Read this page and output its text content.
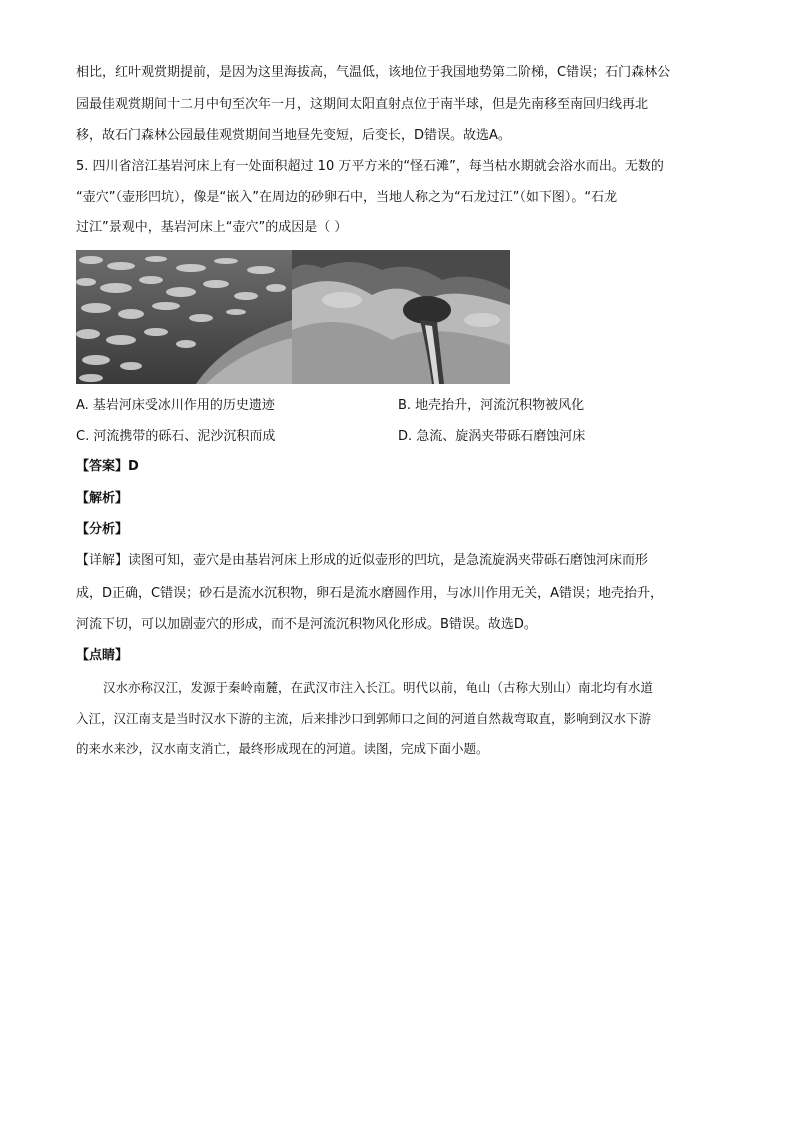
相比，红叶观赏期提前，是因为这里海拔高，气温低，该地位于我国地势第二阶梯，C错误；石门森林公
园最佳观赏期间十二月中旬至次年一月，这期间太阳直射点位于南半球，但是先南移至南回归线再北
移，故石门森林公园最佳观赏期间当地昼先变短，后变长，D错误。故选A。
5. 四川省涪江基岩河床上有一处面积超过 10 万平方米的“怪石滩”，每当枯水期就会浴水而出。无数的
“壶穴”（壶形凹坑），像是“嵌入”在周边的砂卵石中，当地人称之为“石龙过江”（如下图）。“石龙
过江”景观中，基岩河床上“壶穴”的成因是（ ）
A. 基岩河床受冰川作用的历史遗迹	B. 地壳抬升，河流沉积物被风化
C. 河流携带的砾石、泥沙沉积而成	D. 急流、旋涡夹带砾石磨蚀河床
【答案】D
【解析】
【分析】
【详解】读图可知，壶穴是由基岩河床上形成的近似壶形的凹坑，是急流旋涡夹带砾石磨蚀河床而形
成，D正确，C错误；砂石是流水沉积物，卵石是流水磨圆作用，与冰川作用无关，A错误；地壳抬升，
河流下切，可以加剧壶穴的形成，而不是河流沉积物风化形成。B错误。故选D。
【点睛】
汉水亦称汉江，发源于秦岭南麓，在武汉市注入长江。明代以前，龟山（古称大别山）南北均有水道
入江，汉江南支是当时汉水下游的主流，后来排沙口到郭师口之间的河道自然裁弯取直，影响到汉水下游
的来水来沙，汉水南支消亡，最终形成现在的河道。读图，完成下面小题。
